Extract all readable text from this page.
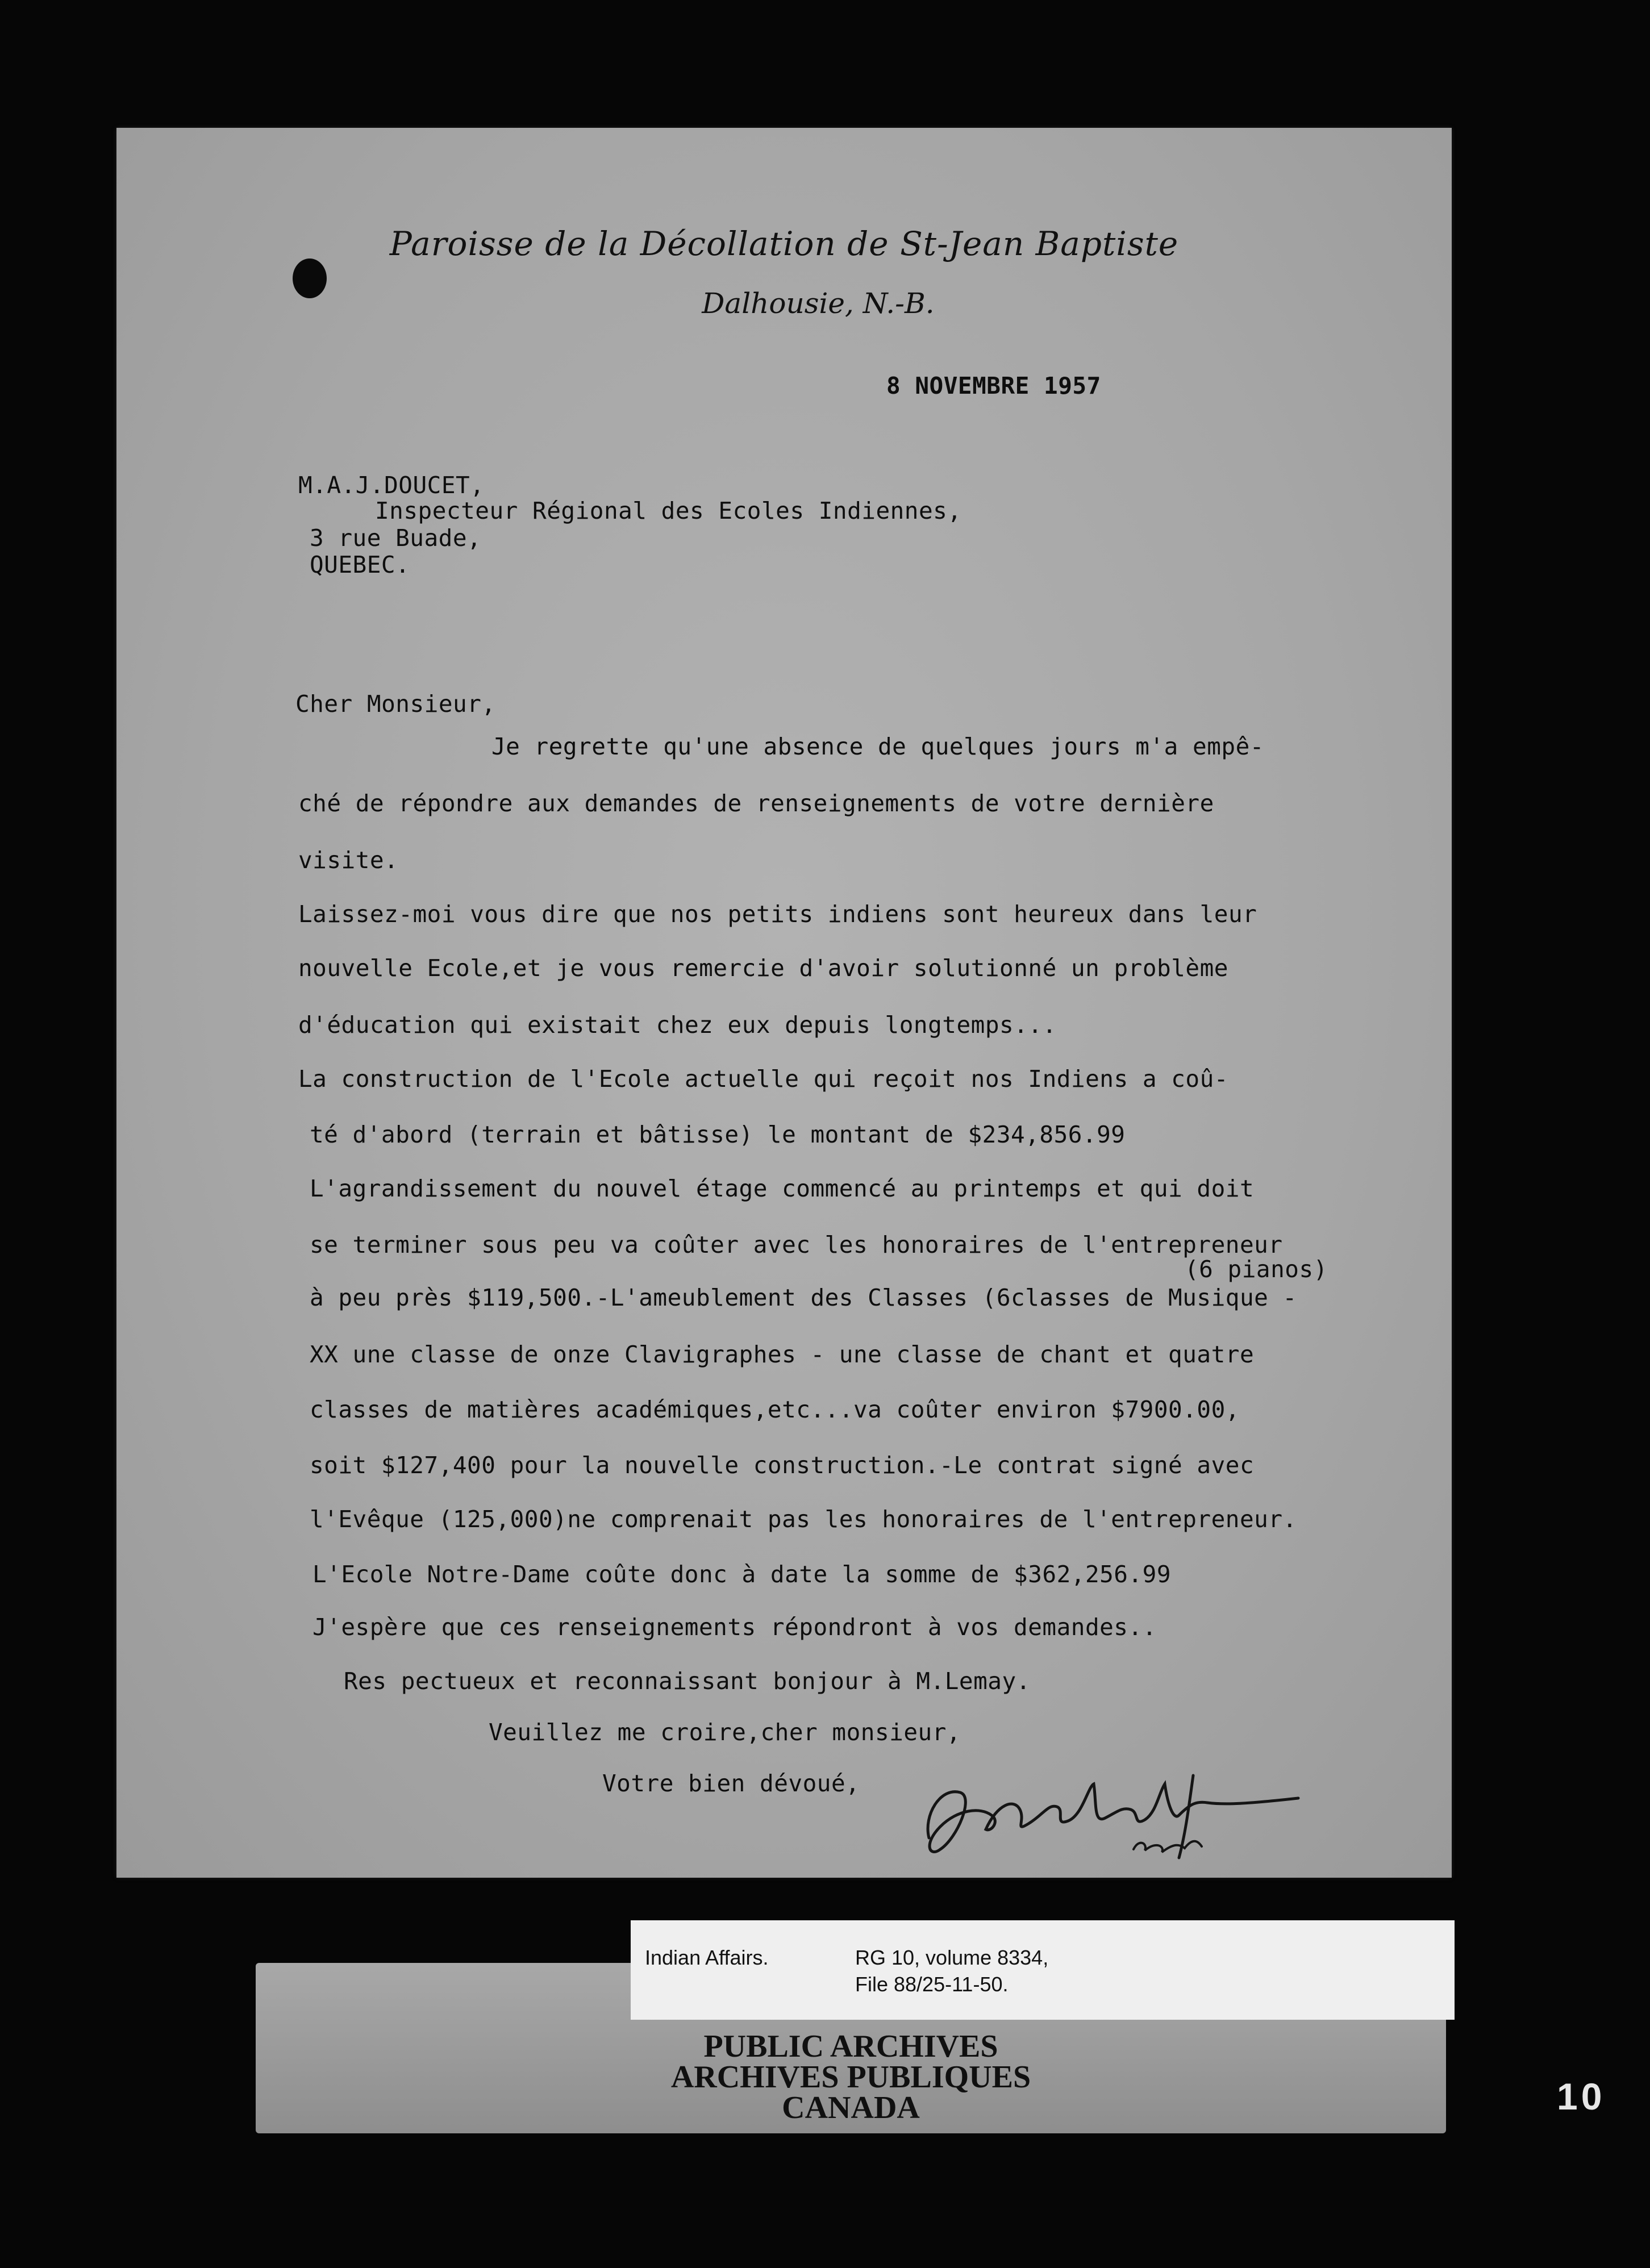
Paroisse de la Décollation de St-Jean Baptiste
Dalhousie, N.-B.
8 NOVEMBRE 1957
M.A.J.DOUCET,
Inspecteur Régional des Ecoles Indiennes,
3 rue Buade,
QUEBEC.
Cher Monsieur,
Je regrette qu'une absence de quelques jours m'a empê-
ché de répondre aux demandes de renseignements de votre dernière
visite.
Laissez-moi vous dire que nos petits indiens sont heureux dans leur
nouvelle Ecole,et je vous remercie d'avoir solutionné un problème
d'éducation qui existait chez eux depuis longtemps...
La construction de l'Ecole actuelle qui reçoit nos Indiens a coû-
té d'abord (terrain et bâtisse) le montant de $234,856.99
L'agrandissement du nouvel étage commencé au printemps et qui doit
se terminer sous peu va coûter avec les honoraires de l'entrepreneur
(6 pianos)
à peu près $119,500.-L'ameublement des Classes (6classes de Musique -
XX une classe de onze Clavigraphes - une classe de chant et quatre
classes de matières académiques,etc...va coûter environ $7900.00,
soit $127,400 pour la nouvelle construction.-Le contrat signé avec
l'Evêque (125,000)ne comprenait pas les honoraires de l'entrepreneur.
L'Ecole Notre-Dame coûte donc à date la somme de $362,256.99
J'espère que ces renseignements répondront à vos demandes..
Res pectueux et reconnaissant bonjour à M.Lemay.
Veuillez me croire,cher monsieur,
Votre bien dévoué,
Indian Affairs.	RG 10, volume 8334,
File 88/25-11-50.
PUBLIC ARCHIVES
ARCHIVES PUBLIQUES
CANADA	10
